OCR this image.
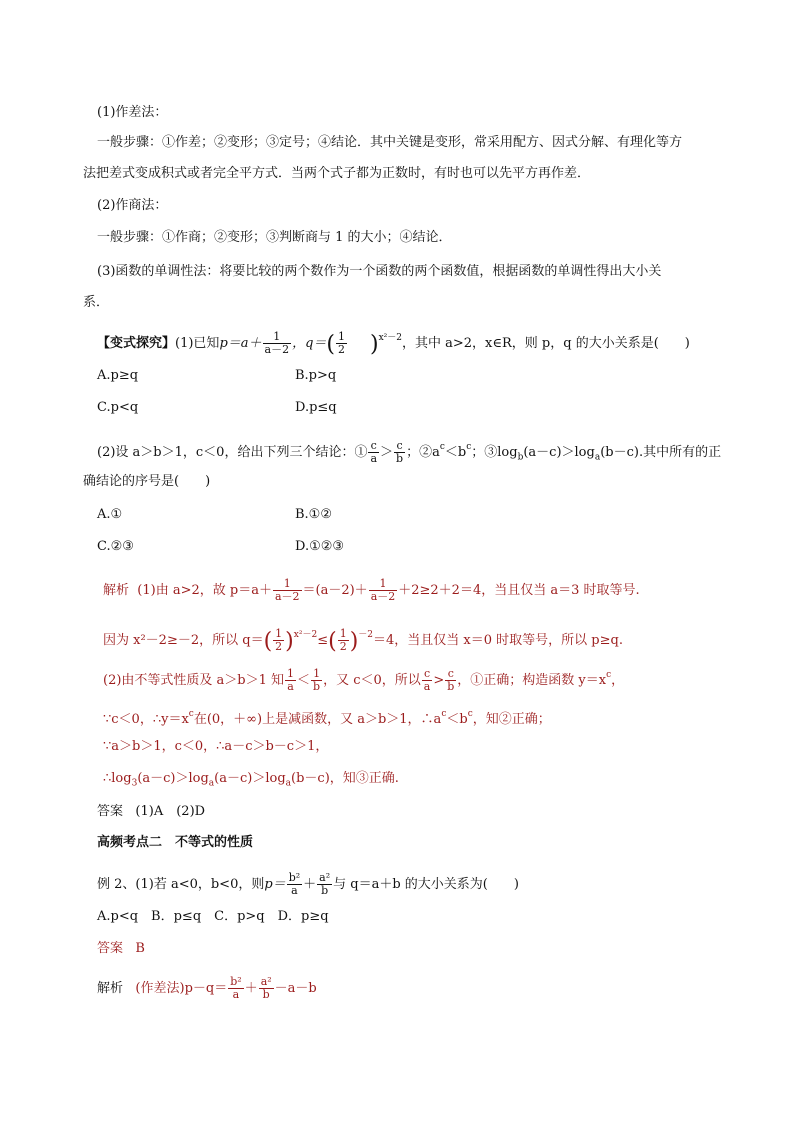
(1)作差法：
一般步骤：①作差；②变形；③定号；④结论．其中关键是变形，常采用配方、因式分解、有理化等方
法把差式变成积式或者完全平方式．当两个式子都为正数时，有时也可以先平方再作差．
(2)作商法：
一般步骤：①作商；②变形；③判断商与 1 的大小；④结论．
(3)函数的单调性法：将要比较的两个数作为一个函数的两个函数值，根据函数的单调性得出大小关
系．
【变式探究】(1)已知$p=a+ \frac{1}{a-2}$ ，$q=( \frac{1}{2} )^{x^2-2}$，其中 a>2，x∈R，则 p，q 的大小关系是(　　)
A.p≥q	B.p>q
C.p<q	D.p≤q
(2)设 a＞b＞1，c＜0，给出下列三个结论：① $\frac{c}{a} > \frac{c}{b}$ ；$②a^c<b^c$；$③\log_b(a-c)>\log_a(b-c)$.其中所有的正
确结论的序号是(　　)
A.①	B.①②
C.②③	D.①②③
解析 (1)由 a>2，故 $p=a+ \frac{1}{a-2} =(a-2)+ \frac{1}{a-2} +2\ge 2+2=4$，当且仅当 a＝3 时取等号.
因为 x²－2≥－2，所以 $q=( \frac{1}{2} )^{x^2-2}\le( \frac{1}{2} )^{-2}=4$，当且仅当 x＝0 时取等号，所以 p≥q.
(2)由不等式性质及 a＞b＞1 知 $\frac{1}{a} < \frac{1}{b}$ ，又 c＜0，所以 $\frac{c}{a} > \frac{c}{b}$ ，①正确；构造函数 $y=x^c$，
∵c＜0，$\therefore y=x^c$在(0，＋∞)上是减函数，又 a＞b＞1，$\therefore a^c<b^c$，知②正确；
∵a＞b＞1，c＜0，∴a－c＞b－c＞1，
$\therefore\log_3(a-c)>\log_a(a-c)>\log_a(b-c)$，知③正确.
答案 (1)A　(2)D
高频考点二　不等式的性质
例 2、(1)若 a<0，b<0，则$p= \frac{\text{b²}}{a} + \frac{\text{a²}}{b}$ 与 q＝a＋b 的大小关系为(　　)
A.p<q　B．p≤q　C．p>q　D．p≥q
答案 B
解析 (作差法)$p-q= \frac{\text{b²}}{a} + \frac{\text{a²}}{b} -a-b$
